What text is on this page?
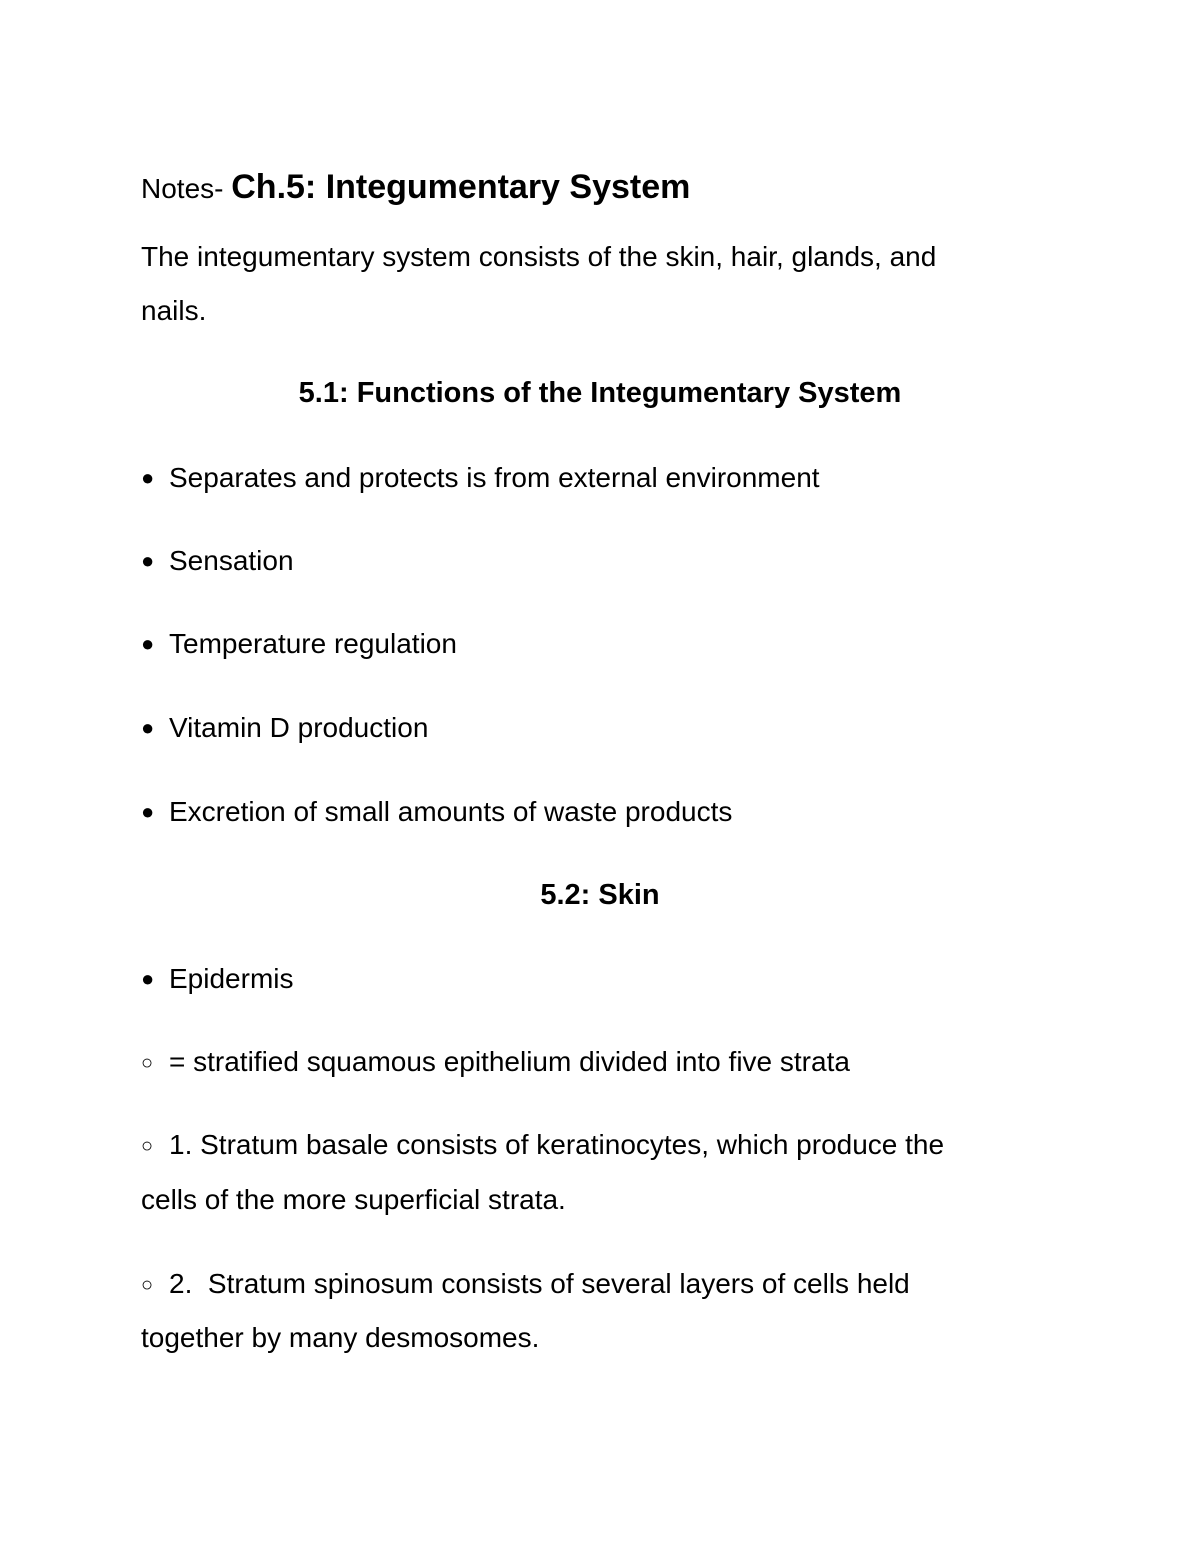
Notes- Ch.5: Integumentary System
The integumentary system consists of the skin, hair, glands, and
nails.
5.1: Functions of the Integumentary System
● Separates and protects is from external environment
● Sensation
● Temperature regulation
● Vitamin D production
● Excretion of small amounts of waste products
5.2: Skin
● Epidermis
○ = stratified squamous epithelium divided into five strata
○ 1. Stratum basale consists of keratinocytes, which produce the
cells of the more superficial strata.
○ 2.  Stratum spinosum consists of several layers of cells held
together by many desmosomes.
